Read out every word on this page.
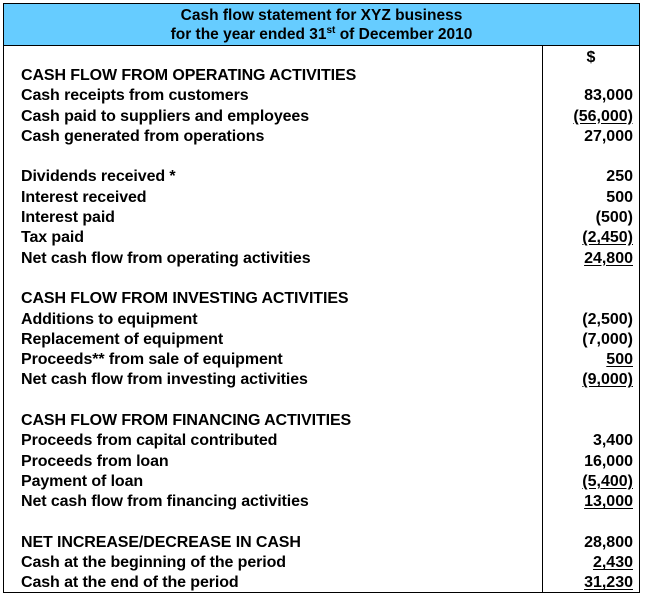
Cash flow statement for XYZ business
for the year ended 31st of December 2010
$
CASH FLOW FROM OPERATING ACTIVITIES
Cash receipts from customers	83,000
Cash paid to suppliers and employees	(56,000)
Cash generated from operations	27,000
Dividends received *	250
Interest received	500
Interest paid	(500)
Tax paid	(2,450)
Net cash flow from operating activities	24,800
CASH FLOW FROM INVESTING ACTIVITIES
Additions to equipment	(2,500)
Replacement of equipment	(7,000)
Proceeds** from sale of equipment	500
Net cash flow from investing activities	(9,000)
CASH FLOW FROM FINANCING ACTIVITIES
Proceeds from capital contributed	3,400
Proceeds from loan	16,000
Payment of loan	(5,400)
Net cash flow from financing activities	13,000
NET INCREASE/DECREASE IN CASH	28,800
Cash at the beginning of the period	2,430
Cash at the end of the period	31,230
